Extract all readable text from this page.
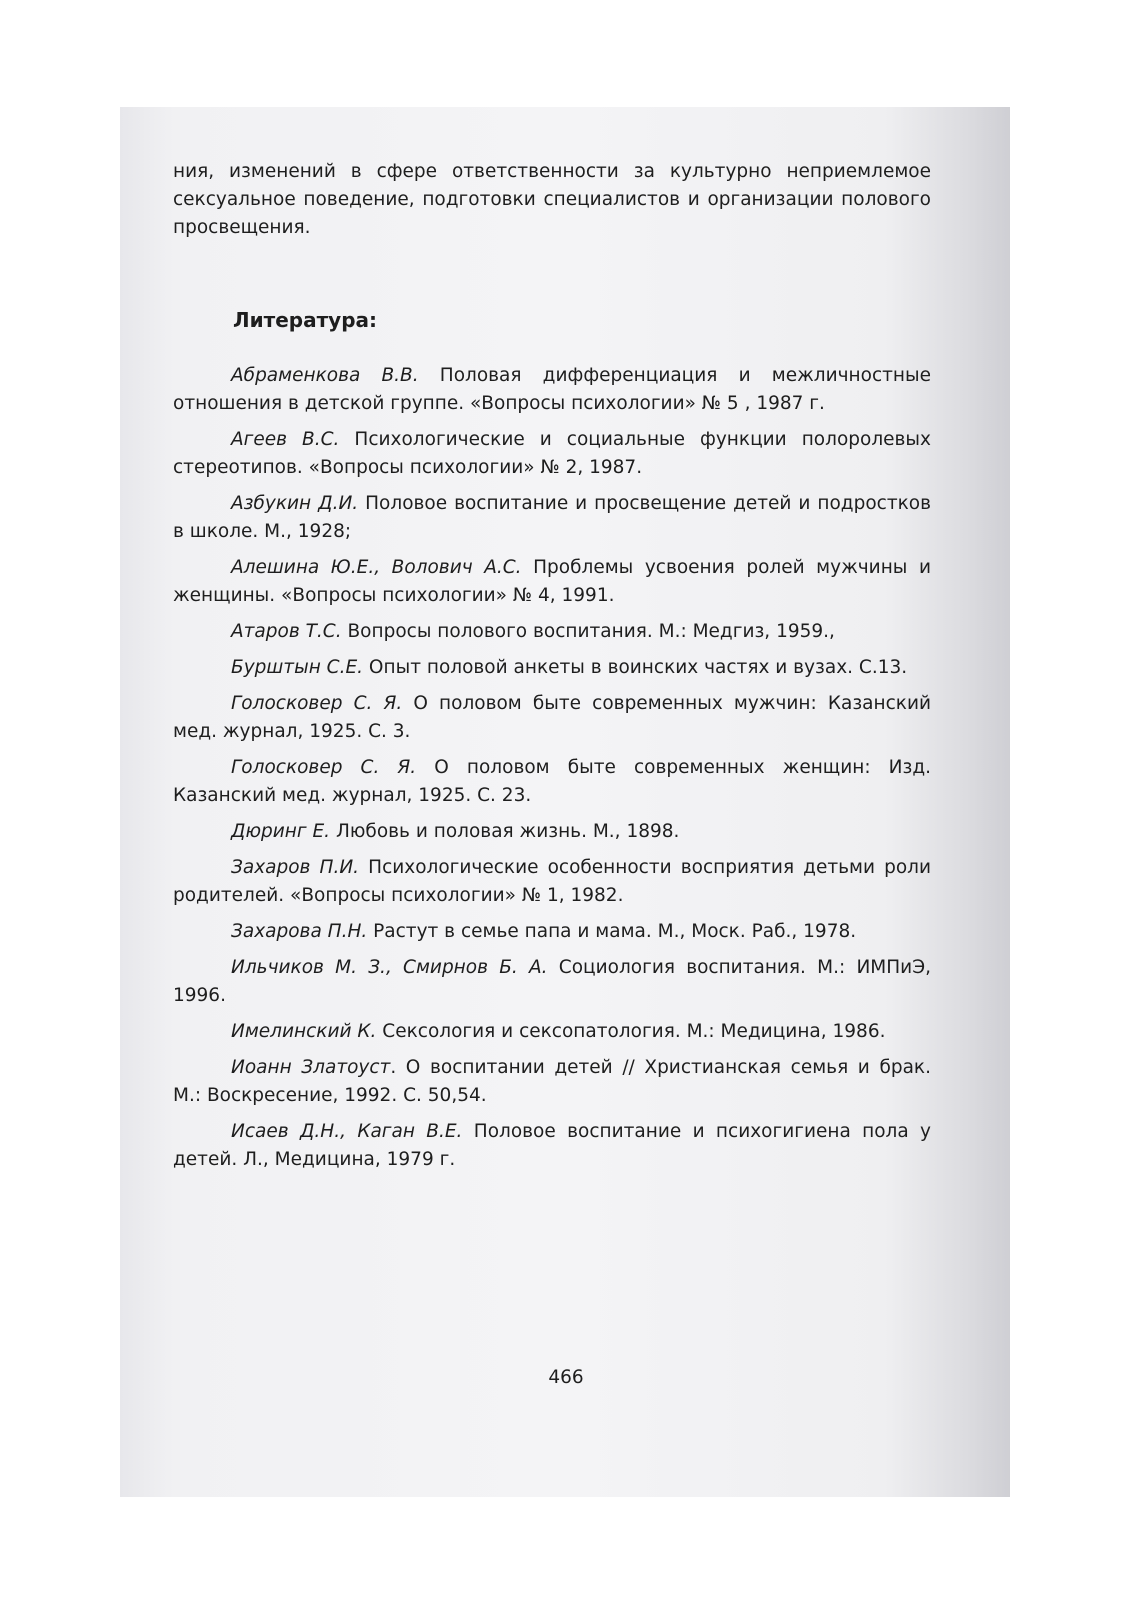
ния, изменений в сфере ответственности за культурно неприемлемое сексуальное поведение, подготовки специалистов и организации полового просвещения.

Литература:

Абраменкова В.В. Половая дифференциация и межличностные отношения в детской группе. «Вопросы психологии» № 5 , 1987 г.

Агеев В.С. Психологические и социальные функции полоролевых стереотипов. «Вопросы психологии» № 2, 1987.

Азбукин Д.И. Половое воспитание и просвещение детей и подростков в школе. М., 1928;

Алешина Ю.Е., Волович А.С. Проблемы усвоения ролей мужчины и женщины. «Вопросы психологии» № 4, 1991.

Атаров Т.С. Вопросы полового воспитания. М.: Медгиз, 1959.,

Бурштын С.Е. Опыт половой анкеты в воинских частях и вузах. С.13.

Голосковер С. Я. О половом быте современных мужчин: Казанский мед. журнал, 1925. С. 3.

Голосковер С. Я. О половом быте современных женщин: Изд. Казанский мед. журнал, 1925. С. 23.

Дюринг Е. Любовь и половая жизнь. М., 1898.

Захаров П.И. Психологические особенности восприятия детьми роли родителей. «Вопросы психологии» № 1, 1982.

Захарова П.Н. Растут в семье папа и мама. М., Моск. Раб., 1978.

Ильчиков М. З., Смирнов Б. А. Социология воспитания. М.: ИМПиЭ, 1996.

Имелинский К. Сексология и сексопатология. М.: Медицина, 1986.

Иоанн Златоуст. О воспитании детей // Христианская семья и брак. М.: Воскресение, 1992. С. 50,54.

Исаев Д.Н., Каган В.Е. Половое воспитание и психогигиена пола у детей. Л., Медицина, 1979 г.

466
